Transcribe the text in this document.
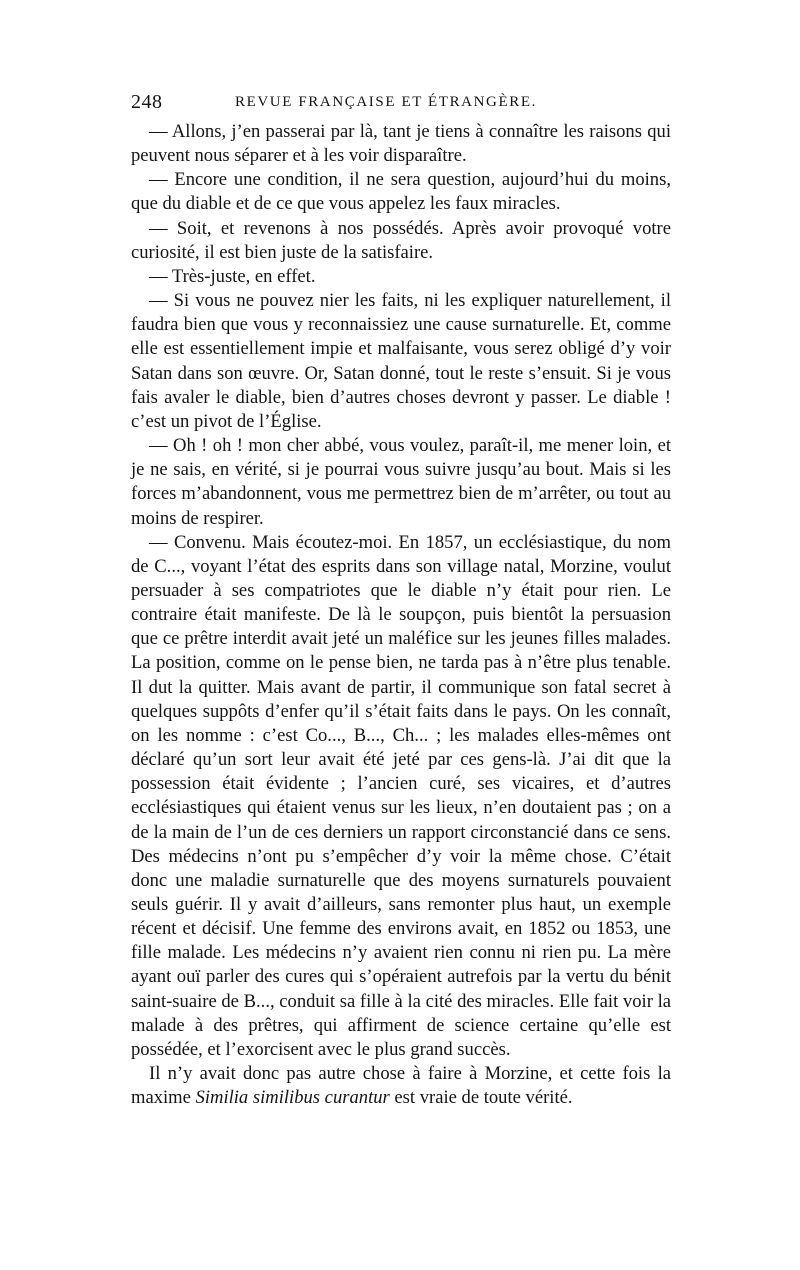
248	REVUE FRANÇAISE ET ÉTRANGÈRE.

— Allons, j’en passerai par là, tant je tiens à connaître les raisons qui peuvent nous séparer et à les voir disparaître.

— Encore une condition, il ne sera question, aujourd’hui du moins, que du diable et de ce que vous appelez les faux miracles.

— Soit, et revenons à nos possédés. Après avoir provoqué votre curiosité, il est bien juste de la satisfaire.

— Très-juste, en effet.

— Si vous ne pouvez nier les faits, ni les expliquer naturellement, il faudra bien que vous y reconnaissiez une cause surnaturelle. Et, comme elle est essentiellement impie et malfaisante, vous serez obligé d’y voir Satan dans son œuvre. Or, Satan donné, tout le reste s’ensuit. Si je vous fais avaler le diable, bien d’autres choses devront y passer. Le diable ! c’est un pivot de l’Église.

— Oh ! oh ! mon cher abbé, vous voulez, paraît-il, me mener loin, et je ne sais, en vérité, si je pourrai vous suivre jusqu’au bout. Mais si les forces m’abandonnent, vous me permettrez bien de m’arrêter, ou tout au moins de respirer.

— Convenu. Mais écoutez-moi. En 1857, un ecclésiastique, du nom de C..., voyant l’état des esprits dans son village natal, Morzine, voulut persuader à ses compatriotes que le diable n’y était pour rien. Le contraire était manifeste. De là le soupçon, puis bientôt la persuasion que ce prêtre interdit avait jeté un maléfice sur les jeunes filles malades. La position, comme on le pense bien, ne tarda pas à n’être plus tenable. Il dut la quitter. Mais avant de partir, il communique son fatal secret à quelques suppôts d’enfer qu’il s’était faits dans le pays. On les connaît, on les nomme : c’est Co..., B..., Ch... ; les malades elles-mêmes ont déclaré qu’un sort leur avait été jeté par ces gens-là. J’ai dit que la possession était évidente ; l’ancien curé, ses vicaires, et d’autres ecclésiastiques qui étaient venus sur les lieux, n’en doutaient pas ; on a de la main de l’un de ces derniers un rapport circonstancié dans ce sens. Des médecins n’ont pu s’empêcher d’y voir la même chose. C’était donc une maladie surnaturelle que des moyens surnaturels pouvaient seuls guérir. Il y avait d’ailleurs, sans remonter plus haut, un exemple récent et décisif. Une femme des environs avait, en 1852 ou 1853, une fille malade. Les médecins n’y avaient rien connu ni rien pu. La mère ayant ouï parler des cures qui s’opéraient autrefois par la vertu du bénit saint-suaire de B..., conduit sa fille à la cité des miracles. Elle fait voir la malade à des prêtres, qui affirment de science certaine qu’elle est possédée, et l’exorcisent avec le plus grand succès.

Il n’y avait donc pas autre chose à faire à Morzine, et cette fois la maxime Similia similibus curantur est vraie de toute vérité.
